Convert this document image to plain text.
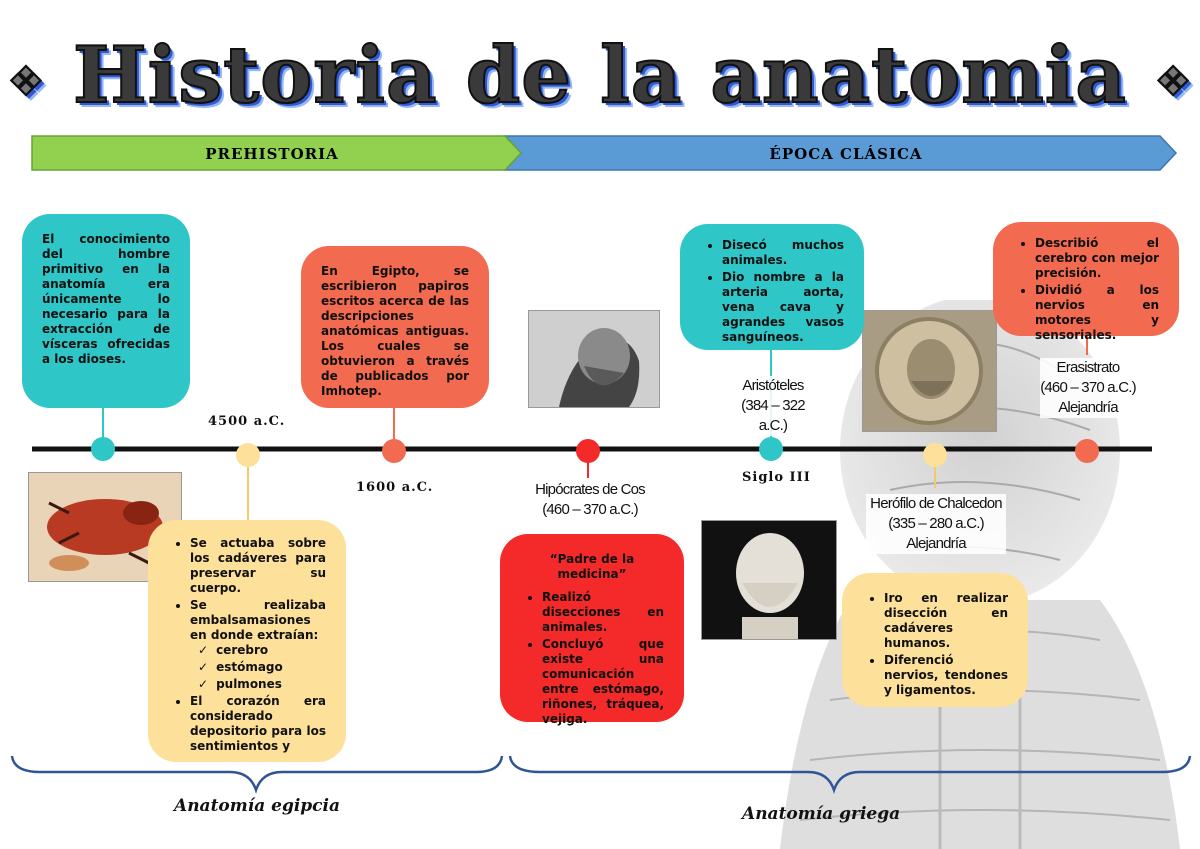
❖ Historia de la anatomia ❖
PREHISTORIA	ÉPOCA CLÁSICA
El conocimiento del hombre primitivo en la anatomía era únicamente lo necesario para la extracción de vísceras ofrecidas a los dioses.
En Egipto, se escribieron papiros escritos acerca de las descripciones anatómicas antiguas. Los cuales se obtuvieron a través de publicados por Imhotep.
• Se actuaba sobre los cadáveres para preservar su cuerpo.
• Se realizaba embalsamasiones en donde extraían:
✓ cerebro
✓ estómago
✓ pulmones
• El corazón era considerado depositorio para los sentimientos y
“Padre de la medicina”
• Realizó disecciones en animales.
• Concluyó que existe una comunicación entre estómago, riñones, tráquea, vejiga.
• Disecó muchos animales.
• Dio nombre a la arteria aorta, vena cava y agrandes vasos sanguíneos.
• Iro en realizar disección en cadáveres humanos.
• Diferenció nervios, tendones y ligamentos.
• Describió el cerebro con mejor precisión.
• Dividió a los nervios en motores y sensoriales.
4500 a.C.
1600 a.C.
Siglo III
Hipócrates de Cos
(460 – 370 a.C.)
Aristóteles
(384 – 322 a.C.)
Herófilo de Chalcedon
(335 – 280 a.C.)
Alejandría
Erasistrato
(460 – 370 a.C.)
Alejandría
Anatomía egipcia	Anatomía griega
